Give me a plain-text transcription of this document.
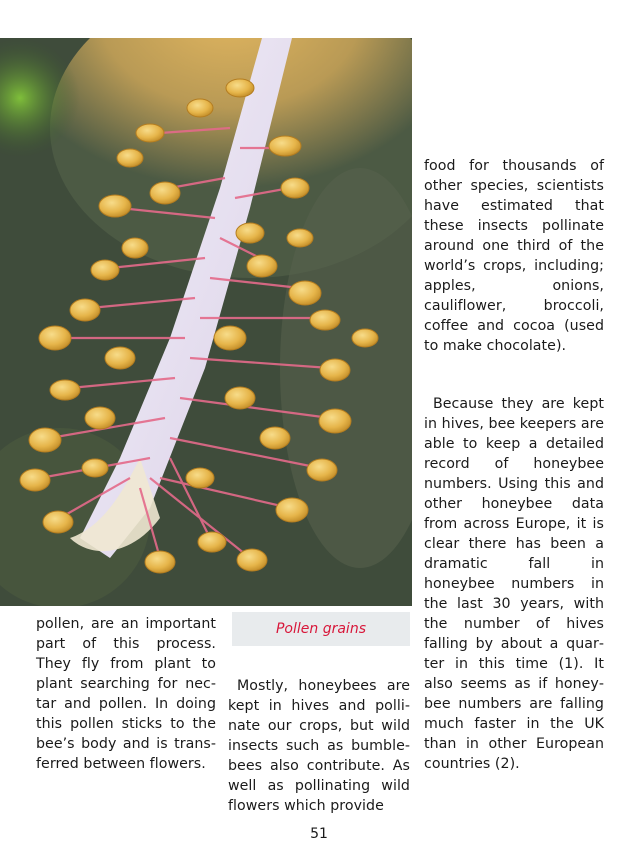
Pollen grains

pollen, are an important part of this process. They fly from plant to plant searching for nectar and pollen. In doing this pollen sticks to the bee’s body and is transferred between flowers.

Mostly, honeybees are kept in hives and pollinate our crops, but wild insects such as bumblebees also contribute. As well as pollinating wild flowers which provide

food for thousands of other species, scientists have estimated that these insects pollinate around one third of the world’s crops, including; apples, onions, cauliflower, broccoli, coffee and cocoa (used to make chocolate).

Because they are kept in hives, bee keepers are able to keep a detailed record of honeybee numbers. Using this and other honeybee data from across Europe, it is clear there has been a dramatic fall in honeybee numbers in the last 30 years, with the number of hives falling by about a quarter in this time (1). It also seems as if honeybee numbers are falling much faster in the UK than in other European countries (2).

51
